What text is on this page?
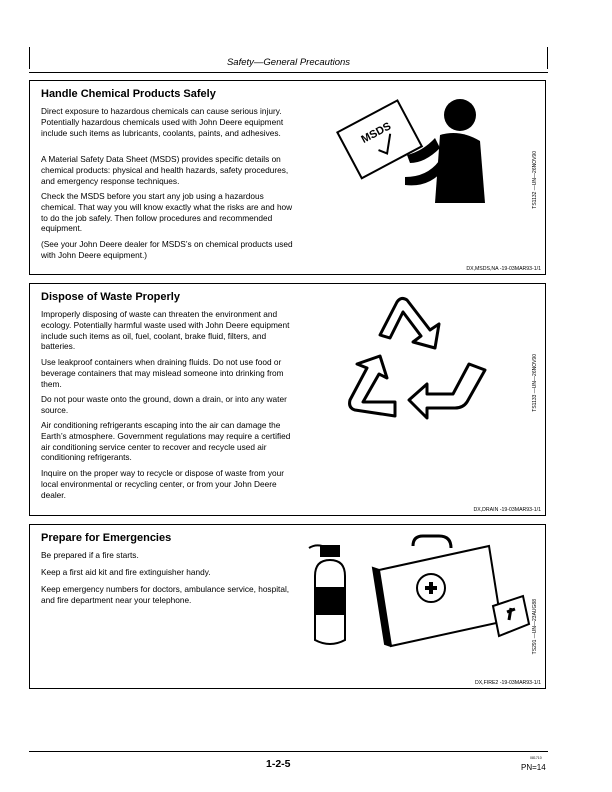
Safety—General Precautions
Handle Chemical Products Safely
Direct exposure to hazardous chemicals can cause serious injury. Potentially hazardous chemicals used with John Deere equipment include such items as lubricants, coolants, paints, and adhesives.
A Material Safety Data Sheet (MSDS) provides specific details on chemical products: physical and health hazards, safety procedures, and emergency response techniques.
Check the MSDS before you start any job using a hazardous chemical. That way you will know exactly what the risks are and how to do the job safely. Then follow procedures and recommended equipment.
(See your John Deere dealer for MSDS’s on chemical products used with John Deere equipment.)
MSDS
TS1132 —UN—26NOV90
DX,MSDS,NA -19-03MAR93-1/1
Dispose of Waste Properly
Improperly disposing of waste can threaten the environment and ecology. Potentially harmful waste used with John Deere equipment include such items as oil, fuel, coolant, brake fluid, filters, and batteries.
Use leakproof containers when draining fluids. Do not use food or beverage containers that may mislead someone into drinking from them.
Do not pour waste onto the ground, down a drain, or into any water source.
Air conditioning refrigerants escaping into the air can damage the Earth’s atmosphere. Government regulations may require a certified air conditioning service center to recover and recycle used air conditioning refrigerants.
Inquire on the proper way to recycle or dispose of waste from your local environmental or recycling center, or from your John Deere dealer.
TS1133 —UN—26NOV90
DX,DRAIN -19-03MAR93-1/1
Prepare for Emergencies
Be prepared if a fire starts.
Keep a first aid kit and fire extinguisher handy.
Keep emergency numbers for doctors, ambulance service, hospital, and fire department near your telephone.	TS291 —UN—23AUG88
DX,FIRE2 -19-03MAR93-1/1
1-2-5	081710
PN=14
